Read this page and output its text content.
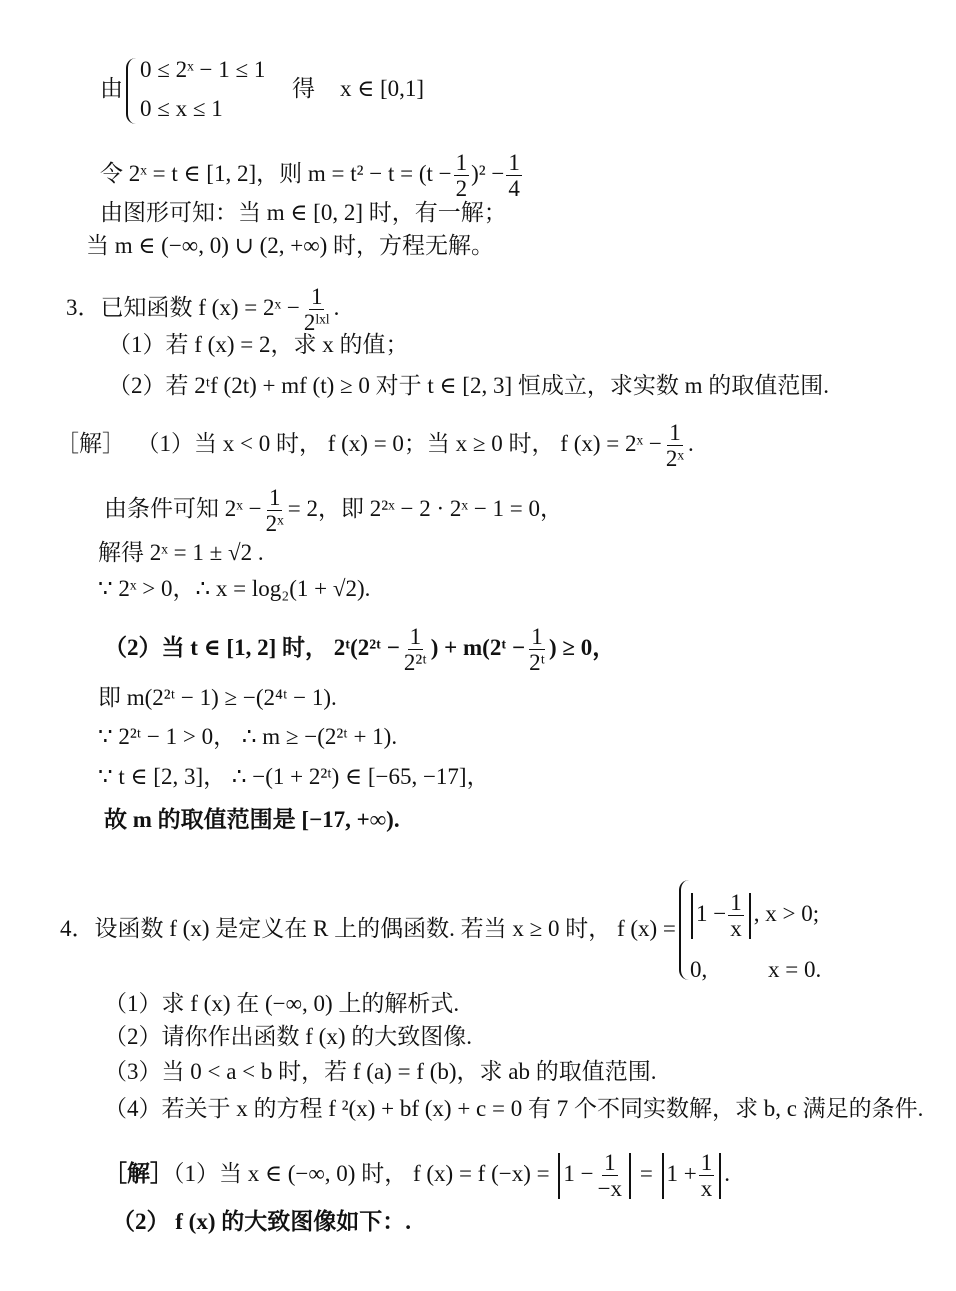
由
0 ≤ 2ˣ − 1 ≤ 1
0 ≤ x ≤ 1
得 x ∈ [0,1]
令 2ˣ = t ∈ [1, 2]，则 $m = t^2 - t = (t - \frac{1}{2} )^2 - \frac{1}{4}$
由图形可知：当 m ∈ [0, 2] 时，有一解；
当 m ∈ (−∞, 0) ∪ (2, +∞) 时，方程无解。
3．已知函数 f (x) = 2ˣ − $\frac{1}{\text{2ˡˣˡ}}$ .
（1）若 f (x) = 2，求 x 的值；
（2）若 2ᵗf (2t) + mf (t) ≥ 0 对于 t ∈ [2, 3] 恒成立，求实数 m 的取值范围.
［解］ （1）当 x < 0 时， f (x) = 0；当 x ≥ 0 时， f (x) = 2ˣ − $\frac{1}{\text{2ˣ}}$ .
由条件可知 2ˣ − $\frac{1}{\text{2ˣ}} = 2$，即 2²ˣ − 2 · 2ˣ − 1 = 0，
解得 2ˣ = 1 ± √2 .
∵ 2ˣ > 0，∴ x = log₂(1 + √2).
（2）当 t ∈ [1, 2] 时， 2ᵗ(2²ᵗ − $\frac{1}{\text{2²ᵗ}}$ ) + m(2ᵗ − $\frac{1}{\text{2ᵗ}}$ ) ≥ 0，
即 m(2²ᵗ − 1) ≥ −(2⁴ᵗ − 1).
∵ 2²ᵗ − 1 > 0， ∴ m ≥ −(2²ᵗ + 1).
∵ t ∈ [2, 3]， ∴ −(1 + 2²ᵗ) ∈ [−65, −17]，
故 m 的取值范围是 [−17, +∞).
4．设函数 f (x) 是定义在 R 上的偶函数. 若当 x ≥ 0 时， f (x) =
$1 - \frac{1}{x}$ , x > 0;
0,	x = 0.
（1）求 f (x) 在 (−∞, 0) 上的解析式.
（2）请你作出函数 f (x) 的大致图像.
（3）当 0 < a < b 时，若 f (a) = f (b)，求 ab 的取值范围.
（4）若关于 x 的方程 f ²(x) + bf (x) + c = 0 有 7 个不同实数解，求 b, c 满足的条件.
［解］（1）当 x ∈ (−∞, 0) 时， f (x) = f $(-x) = 1 - \frac{1}{-x} = 1 + \frac{1}{x}$ .
（2） f (x) 的大致图像如下：.
